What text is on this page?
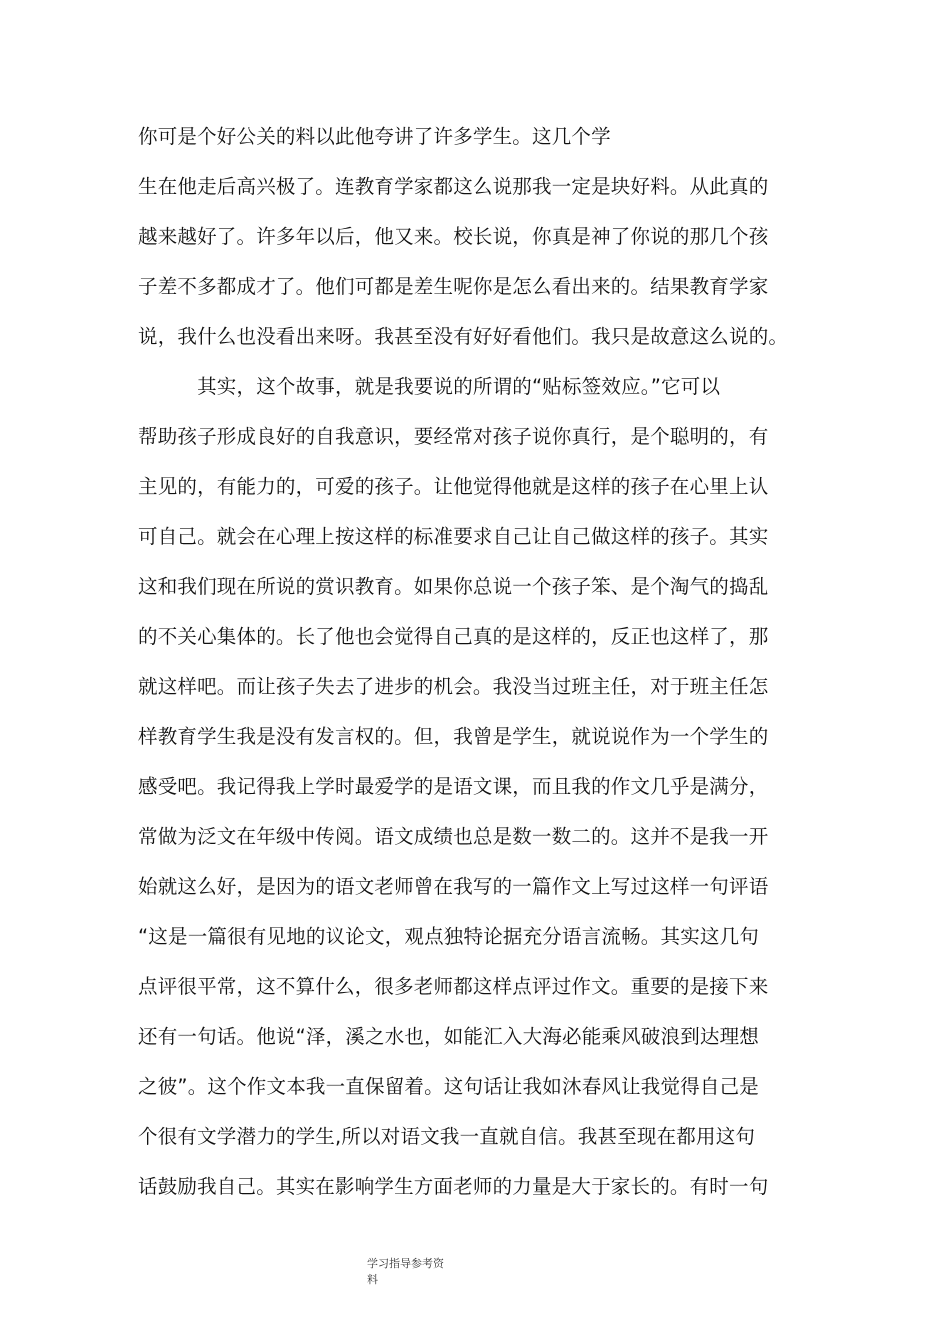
你可是个好公关的料以此他夸讲了许多学生。这几个学
生在他走后高兴极了。连教育学家都这么说那我一定是块好料。从此真的
越来越好了。许多年以后，他又来。校长说，你真是神了你说的那几个孩
子差不多都成才了。他们可都是差生呢你是怎么看出来的。结果教育学家
说，我什么也没看出来呀。我甚至没有好好看他们。我只是故意这么说的。
　　　其实，这个故事，就是我要说的所谓的“贴标签效应。”它可以
帮助孩子形成良好的自我意识，要经常对孩子说你真行，是个聪明的，有
主见的，有能力的，可爱的孩子。让他觉得他就是这样的孩子在心里上认
可自己。就会在心理上按这样的标准要求自己让自己做这样的孩子。其实
这和我们现在所说的赏识教育。如果你总说一个孩子笨、是个淘气的捣乱
的不关心集体的。长了他也会觉得自己真的是这样的，反正也这样了，那
就这样吧。而让孩子失去了进步的机会。我没当过班主任，对于班主任怎
样教育学生我是没有发言权的。但，我曾是学生，就说说作为一个学生的
感受吧。我记得我上学时最爱学的是语文课，而且我的作文几乎是满分，
常做为泛文在年级中传阅。语文成绩也总是数一数二的。这并不是我一开
始就这么好，是因为的语文老师曾在我写的一篇作文上写过这样一句评语
“这是一篇很有见地的议论文，观点独特论据充分语言流畅。其实这几句
点评很平常，这不算什么，很多老师都这样点评过作文。重要的是接下来
还有一句话。他说“泽，溪之水也，如能汇入大海必能乘风破浪到达理想
之彼”。这个作文本我一直保留着。这句话让我如沐春风让我觉得自己是
个很有文学潜力的学生,所以对语文我一直就自信。我甚至现在都用这句
话鼓励我自己。其实在影响学生方面老师的力量是大于家长的。有时一句
学习指导参考资
料
